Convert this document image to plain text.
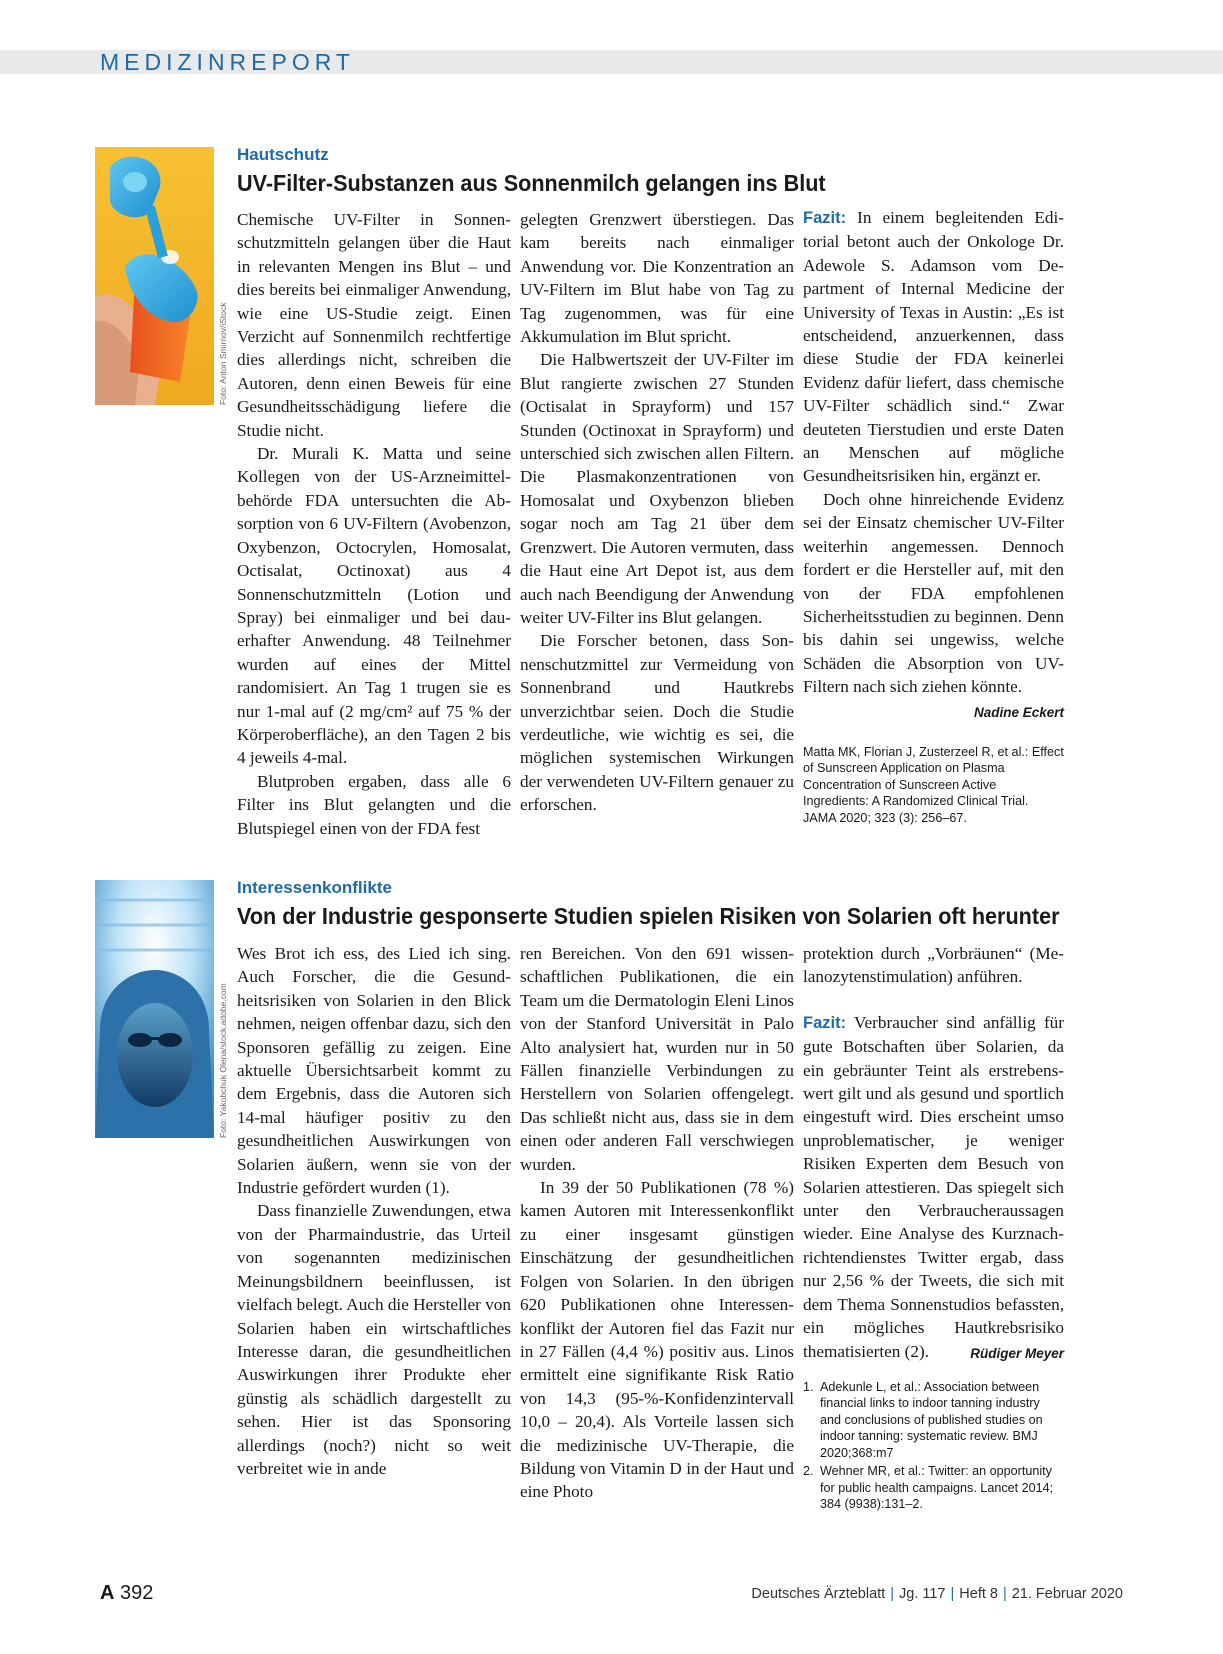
MEDIZINREPORT
Foto: Anton Smirnov/iStock
Hautschutz
UV-Filter-Substanzen aus Sonnenmilch gelangen ins Blut

Chemische UV-Filter in Sonnenschutzmitteln gelangen über die Haut in relevanten Mengen ins Blut – und dies bereits bei einmaliger Anwendung, wie eine US-Studie zeigt. Einen Verzicht auf Sonnenmilch rechtfertige dies allerdings nicht, schreiben die Autoren, denn einen Beweis für eine Gesundheitsschädigung liefere die Studie nicht.

Dr. Murali K. Matta und seine Kollegen von der US-Arzneimittelbehörde FDA untersuchten die Absorption von 6 UV-Filtern (Avobenzon, Oxybenzon, Octocrylen, Homosalat, Octisalat, Octinoxat) aus 4 Sonnenschutzmitteln (Lotion und Spray) bei einmaliger und bei dauerhafter Anwendung. 48 Teilnehmer wurden auf eines der Mittel randomisiert. An Tag 1 trugen sie es nur 1-mal auf (2 mg/cm² auf 75 % der Körperoberfläche), an den Tagen 2 bis 4 jeweils 4-mal.

Blutproben ergaben, dass alle 6 Filter ins Blut gelangten und die Blutspiegel einen von der FDA fest

gelegten Grenzwert überstiegen. Das kam bereits nach einmaliger Anwendung vor. Die Konzentration an UV-Filtern im Blut habe von Tag zu Tag zugenommen, was für eine Akkumulation im Blut spricht.

Die Halbwertszeit der UV-Filter im Blut rangierte zwischen 27 Stunden (Octisalat in Sprayform) und 157 Stunden (Octinoxat in Sprayform) und unterschied sich zwischen allen Filtern. Die Plasmakonzentrationen von Homosalat und Oxybenzon blieben sogar noch am Tag 21 über dem Grenzwert. Die Autoren vermuten, dass die Haut eine Art Depot ist, aus dem auch nach Beendigung der Anwendung weiter UV-Filter ins Blut gelangen.

Die Forscher betonen, dass Sonnenschutzmittel zur Vermeidung von Sonnenbrand und Hautkrebs unverzichtbar seien. Doch die Studie verdeutliche, wie wichtig es sei, die möglichen systemischen Wirkungen der verwendeten UV-Filtern genauer zu erforschen.

Fazit: In einem begleitenden Editorial betont auch der Onkologe Dr. Adewole S. Adamson vom Department of Internal Medicine der University of Texas in Austin: „Es ist entscheidend, anzuerkennen, dass diese Studie der FDA keinerlei Evidenz dafür liefert, dass chemische UV-Filter schädlich sind.“ Zwar deuteten Tierstudien und erste Daten an Menschen auf mögliche Gesundheitsrisiken hin, ergänzt er.

Doch ohne hinreichende Evidenz sei der Einsatz chemischer UV-Filter weiterhin angemessen. Dennoch fordert er die Hersteller auf, mit den von der FDA empfohlenen Sicherheitsstudien zu beginnen. Denn bis dahin sei ungewiss, welche Schäden die Absorption von UV-Filtern nach sich ziehen könnte.
Nadine Eckert

Matta MK, Florian J, Zusterzeel R, et al.: Effect of Sunscreen Application on Plasma Concentration of Sunscreen Active Ingredients: A Randomized Clinical Trial. JAMA 2020; 323 (3): 256–67.
Foto: Yakobchuk Olena/stock.adobe.com
Interessenkonflikte
Von der Industrie gesponserte Studien spielen Risiken von Solarien oft herunter

Wes Brot ich ess, des Lied ich sing. Auch Forscher, die die Gesundheitsrisiken von Solarien in den Blick nehmen, neigen offenbar dazu, sich den Sponsoren gefällig zu zeigen. Eine aktuelle Übersichtsarbeit kommt zu dem Ergebnis, dass die Autoren sich 14-mal häufiger positiv zu den gesundheitlichen Auswirkungen von Solarien äußern, wenn sie von der Industrie gefördert wurden (1).

Dass finanzielle Zuwendungen, etwa von der Pharmaindustrie, das Urteil von sogenannten medizinischen Meinungsbildnern beeinflussen, ist vielfach belegt. Auch die Hersteller von Solarien haben ein wirtschaftliches Interesse daran, die gesundheitlichen Auswirkungen ihrer Produkte eher günstig als schädlich dargestellt zu sehen. Hier ist das Sponsoring allerdings (noch?) nicht so weit verbreitet wie in ande

ren Bereichen. Von den 691 wissenschaftlichen Publikationen, die ein Team um die Dermatologin Eleni Linos von der Stanford Universität in Palo Alto analysiert hat, wurden nur in 50 Fällen finanzielle Verbindungen zu Herstellern von Solarien offengelegt. Das schließt nicht aus, dass sie in dem einen oder anderen Fall verschwiegen wurden.

In 39 der 50 Publikationen (78 %) kamen Autoren mit Interessenkonflikt zu einer insgesamt günstigen Einschätzung der gesundheitlichen Folgen von Solarien. In den übrigen 620 Publikationen ohne Interessenkonflikt der Autoren fiel das Fazit nur in 27 Fällen (4,4 %) positiv aus. Linos ermittelt eine signifikante Risk Ratio von 14,3 (95-%-Konfidenzintervall 10,0 – 20,4). Als Vorteile lassen sich die medizinische UV-Therapie, die Bildung von Vitamin D in der Haut und eine Photo

protektion durch „Vorbräunen“ (Melanozytenstimulation) anführen.

Fazit: Verbraucher sind anfällig für gute Botschaften über Solarien, da ein gebräunter Teint als erstrebenswert gilt und als gesund und sportlich eingestuft wird. Dies erscheint umso unproblematischer, je weniger Risiken Experten dem Besuch von Solarien attestieren. Das spiegelt sich unter den Verbraucheraussagen wieder. Eine Analyse des Kurznachrichtendienstes Twitter ergab, dass nur 2,56 % der Tweets, die sich mit dem Thema Sonnenstudios befassten, ein mögliches Hautkrebsrisiko thematisierten (2).	Rüdiger Meyer

1. Adekunle L, et al.: Association between financial links to indoor tanning industry and conclusions of published studies on indoor tanning: systematic review. BMJ 2020;368:m7
2. Wehner MR, et al.: Twitter: an opportunity for public health campaigns. Lancet 2014; 384 (9938):131–2.
A 392	Deutsches Ärzteblatt | Jg. 117 | Heft 8 | 21. Februar 2020
